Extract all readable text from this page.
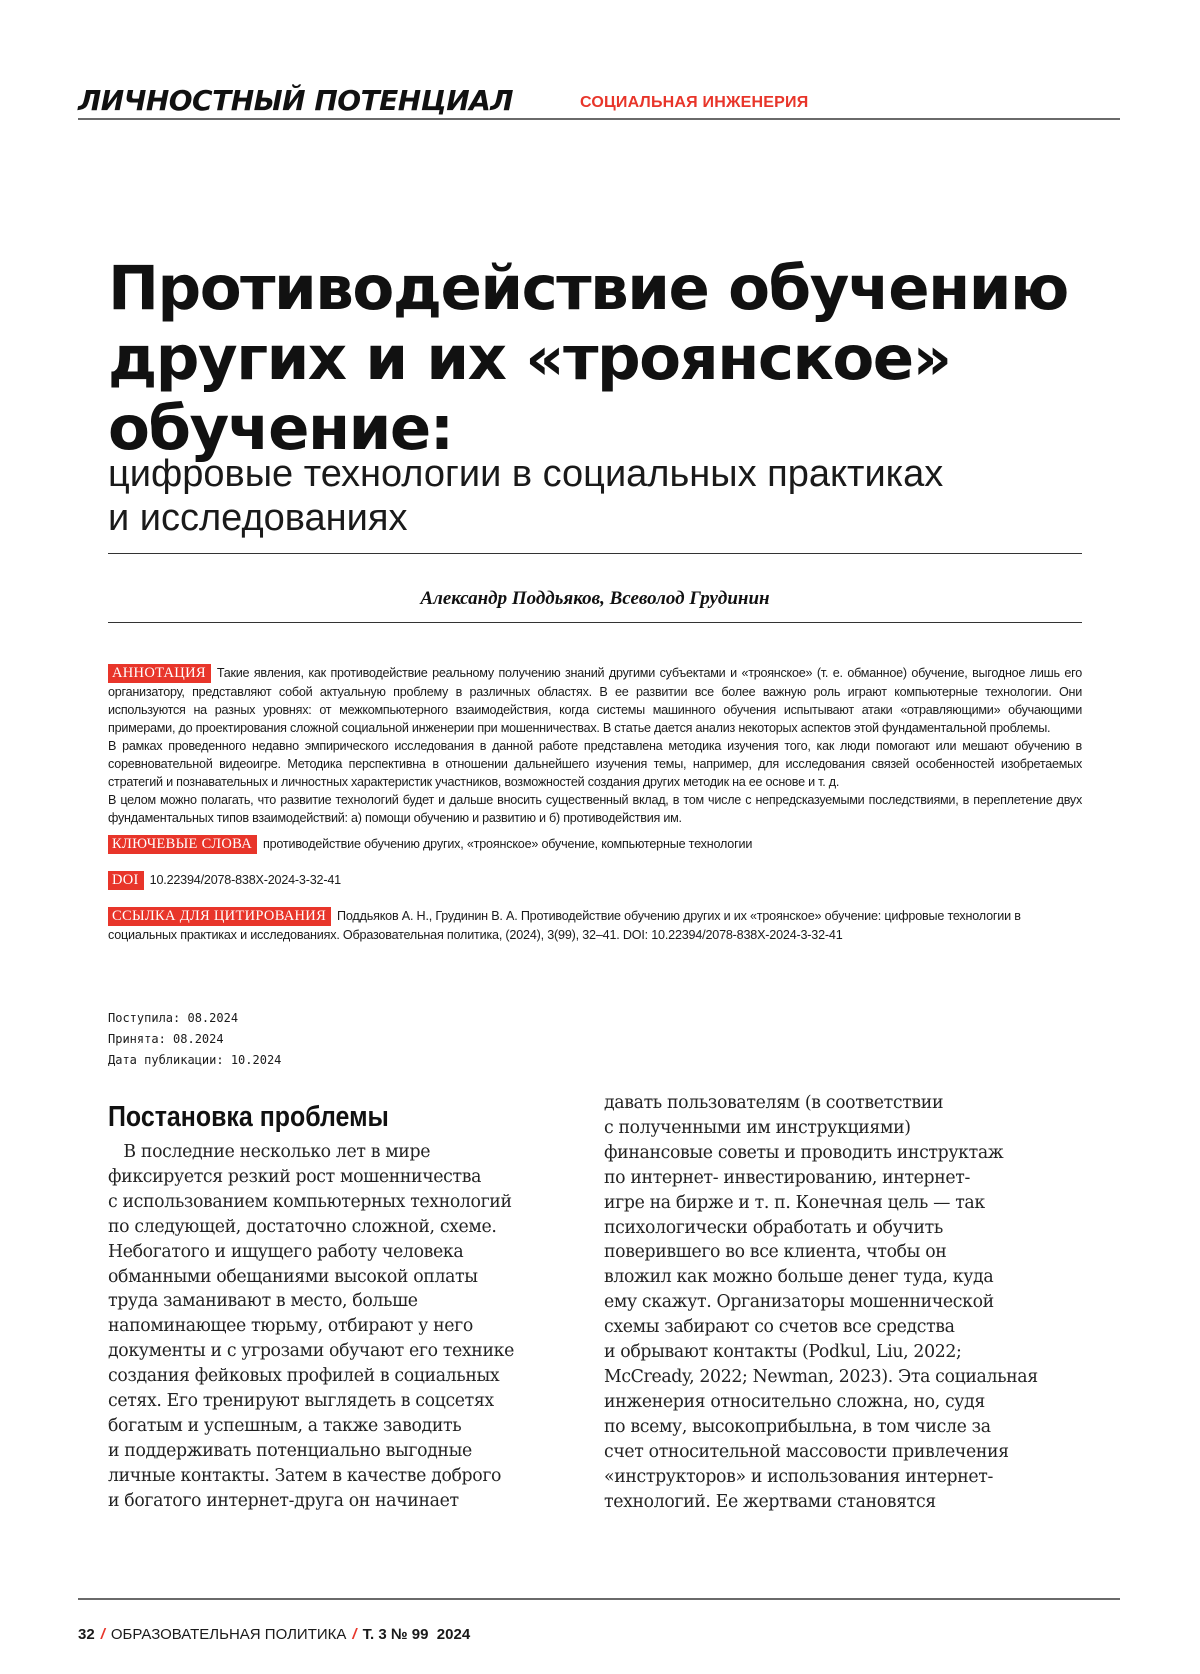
ЛИЧНОСТНЫЙ ПОТЕНЦИАЛ	СОЦИАЛЬНАЯ ИНЖЕНЕРИЯ
Противодействие обучению
других и их «троянское»
обучение:
цифровые технологии в социальных практиках
и исследованиях
Александр Поддьяков, Всеволод Грудинин

АННОТАЦИЯ Такие явления, как противодействие реальному получению знаний другими субъектами и «троянское» (т. е. обманное) обучение, выгодное лишь его организатору, представляют собой актуальную проблему в различных областях. В ее развитии все более важную роль играют компьютерные технологии. Они используются на разных уровнях: от межкомпьютерного взаимодействия, когда системы машинного обучения испытывают атаки «отравляющими» обучающими примерами, до проектирования сложной социальной инженерии при мошенничествах. В статье дается анализ некоторых аспектов этой фундаментальной проблемы.

В рамках проведенного недавно эмпирического исследования в данной работе представлена методика изучения того, как люди помогают или мешают обучению в соревновательной видеоигре. Методика перспективна в отношении дальнейшего изучения темы, например, для исследования связей особенностей изобретаемых стратегий и познавательных и личностных характеристик участников, возможностей создания других методик на ее основе и т. д.

В целом можно полагать, что развитие технологий будет и дальше вносить существенный вклад, в том числе с непредсказуемыми последствиями, в переплетение двух фундаментальных типов взаимодействий: а) помощи обучению и развитию и б) противодействия им.

КЛЮЧЕВЫЕ СЛОВА противодействие обучению других, «троянское» обучение, компьютерные технологии
DOI 10.22394/2078-838X-2024-3-32-41
ССЫЛКА ДЛЯ ЦИТИРОВАНИЯ Поддьяков А. Н., Грудинин В. А. Противодействие обучению других и их «троянское» обучение: цифровые технологии в социальных практиках и исследованиях. Образовательная политика, (2024), 3(99), 32–41. DOI: 10.22394/2078-838X-2024-3-32-41
Поступила: 08.2024
Принята: 08.2024
Дата публикации: 10.2024
Постановка проблемы
В последние несколько лет в мире
фиксируется резкий рост мошенничества
с использованием компьютерных технологий
по следующей, достаточно сложной, схеме.
Небогатого и ищущего работу человека
обманными обещаниями высокой оплаты
труда заманивают в место, больше
напоминающее тюрьму, отбирают у него
документы и с угрозами обучают его технике
создания фейковых профилей в социальных
сетях. Его тренируют выглядеть в соцсетях
богатым и успешным, а также заводить
и поддерживать потенциально выгодные
личные контакты. Затем в качестве доброго
и богатого интернет-друга он начинает
давать пользователям (в соответствии
с полученными им инструкциями)
финансовые советы и проводить инструктаж
по интернет- инвестированию, интернет-
игре на бирже и т. п. Конечная цель — так
психологически обработать и обучить
поверившего во все клиента, чтобы он
вложил как можно больше денег туда, куда
ему скажут. Организаторы мошеннической
схемы забирают со счетов все средства
и обрывают контакты (Podkul, Liu, 2022;
McCready, 2022; Newman, 2023). Эта социальная
инженерия относительно сложна, но, судя
по всему, высокоприбыльна, в том числе за
счет относительной массовости привлечения
«инструкторов» и использования интернет-
технологий. Ее жертвами становятся
32 / ОБРАЗОВАТЕЛЬНАЯ ПОЛИТИКА / Т. 3 № 99  2024
